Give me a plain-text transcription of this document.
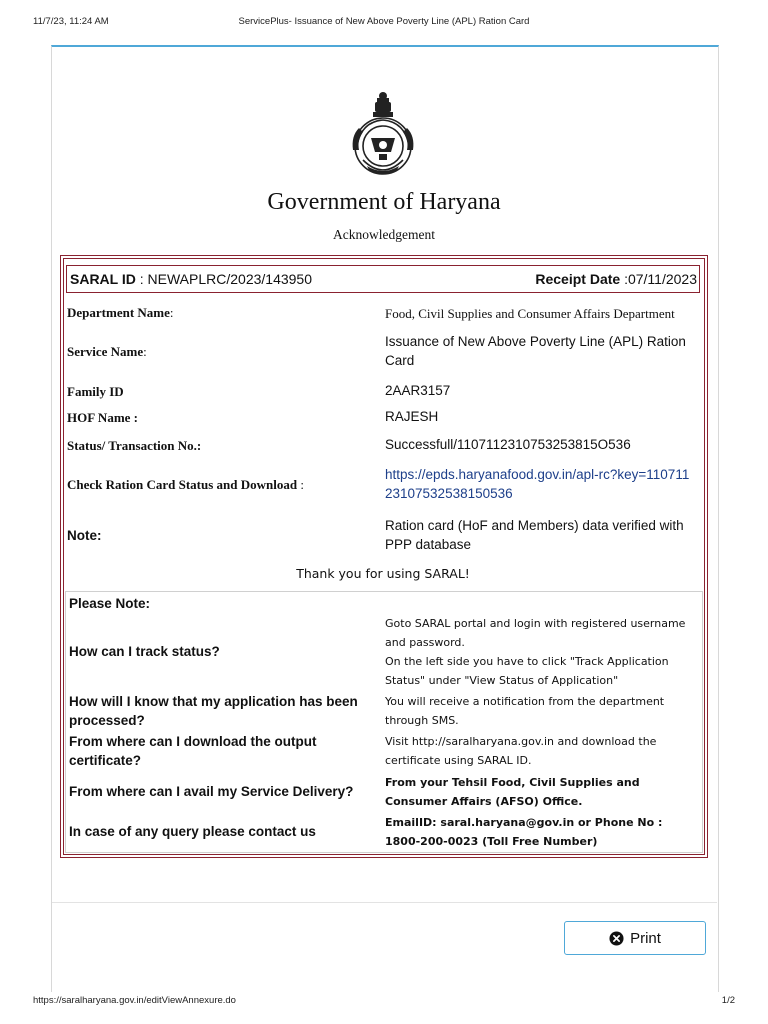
11/7/23, 11:24 AM	ServicePlus- Issuance of New Above Poverty Line (APL) Ration Card
Government of Haryana
Acknowledgement
SARAL ID : NEWAPLRC/2023/143950	Receipt Date :07/11/2023
Department Name:	Food, Civil Supplies and Consumer Affairs Department
Service Name:
Issuance of New Above Poverty Line (APL) Ration Card
Family ID	2AAR3157
HOF Name :	RAJESH
Status/ Transaction No.:	Successfull/1107112310753253815O536
Check Ration Card Status and Download :
https://epds.haryanafood.gov.in/apl-rc?key=11071123107532538150536
Note:
Ration card (HoF and Members) data verified with PPP database
Thank you for using SARAL!
Please Note:
How can I track status?
Goto SARAL portal and login with registered username and password.
On the left side you have to click "Track Application Status" under "View Status of Application"
How will I know that my application has been processed?
You will receive a notification from the department through SMS.
From where can I download the output certificate?
Visit http://saralharyana.gov.in and download the certificate using SARAL ID.
From where can I avail my Service Delivery?
From your Tehsil Food, Civil Supplies and Consumer Affairs (AFSO) Office.
In case of any query please contact us
EmailID: saral.haryana@gov.in or Phone No : 1800-200-0023 (Toll Free Number)
Print
https://saralharyana.gov.in/editViewAnnexure.do	1/2
